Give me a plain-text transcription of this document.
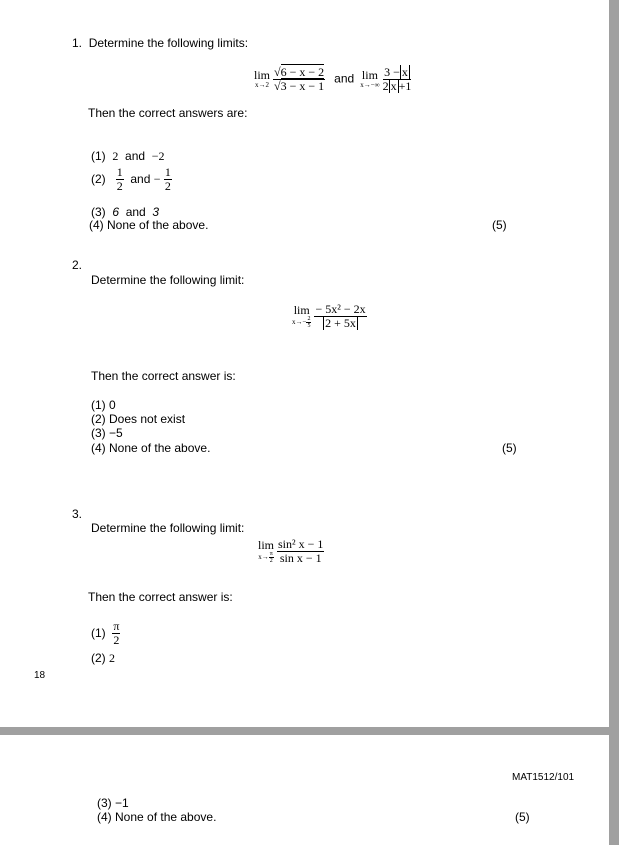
1. Determine the following limits:
lim
x→2
$\frac{√6 - x - 2}{√3 - x - 1}$ and lim
x→−∞
$\frac{3 - x}{2 x +1}$
Then the correct answers are:
(1) 2 and −2
$(2) \frac{1}{2}$ and − $\frac{1}{2}$
(3) 6 and 3
(4) None of the above.	(5)
2.
Determine the following limit:
lim
$x\to- \frac{2}{5}$
$\frac{\text{− 5x² − 2x}}{2 + 5x}$
Then the correct answer is:
(1) 0
(2) Does not exist
(3) −5
(4) None of the above.	(5)
3.
Determine the following limit:
lim
$x\to \frac{\pi}{2}$
$\frac{\text{sin² x − 1}}{\text{sin x − 1}}$
Then the correct answer is:
$(1) \frac{\pi}{2}$
(2) 2
18
MAT1512/101
(3) −1
(4) None of the above.	(5)
